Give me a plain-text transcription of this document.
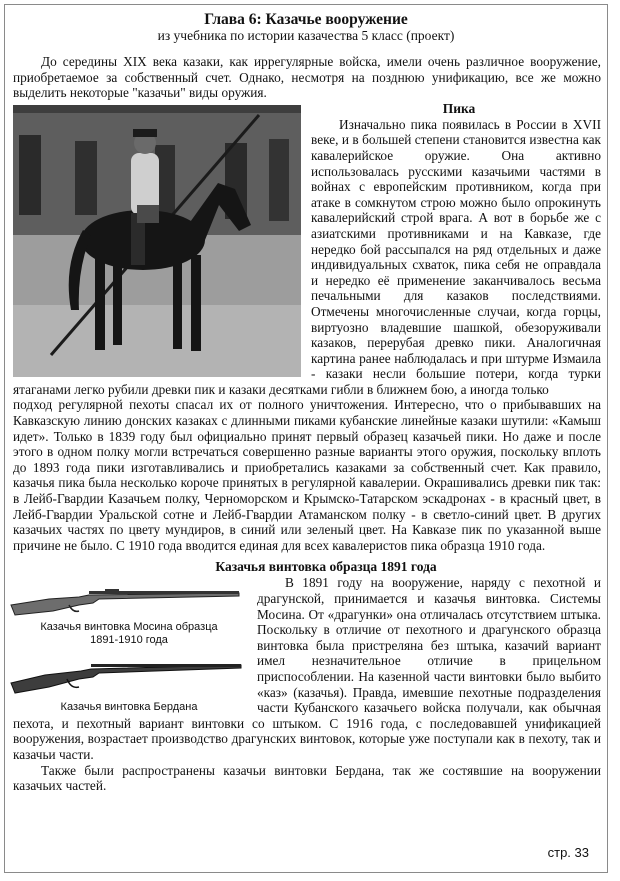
Глава 6: Казачье вооружение
из учебника по истории казачества 5 класс (проект)

До середины XIX века казаки, как иррегулярные войска, имели очень различное вооружение, приобретаемое за собственный счет. Однако, несмотря на позднюю унификацию, все же можно выделить некоторые "казачьи" виды оружия.

Пика

Изначально пика появилась в России в XVII веке, и в большей степени становится известна как кавалерийское оружие. Она активно использовалась русскими казачьими частями в войнах с европейским противником, когда при атаке в сомкнутом строю можно было опрокинуть кавалерийский строй врага. А вот в борьбе же с азиатскими противниками и на Кавказе, где нередко бой рассыпался на ряд отдельных и даже индивидуальных схваток, пика себя не оправдала и нередко её применение заканчивалось весьма печальными для казаков последствиями. Отмечены многочисленные случаи, когда горцы, виртуозно владевшие шашкой, обезоруживали казаков, перерубая древко пики. Аналогичная картина ранее наблюдалась и при штурме Измаила - казаки несли большие потери, когда турки ятаганами легко рубили древки пик и казаки десятками гибли в ближнем бою, а иногда только

подход регулярной пехоты спасал их от полного уничтожения. Интересно, что о прибывавших на Кавказскую линию донских казаках с длинными пиками кубанские линейные казаки шутили: «Камыш идет». Только в 1839 году был официально принят первый образец казачьей пики. Но даже и после этого в одном полку могли встречаться совершенно разные варианты этого оружия, поскольку вплоть до 1893 года пики изготавливались и приобретались казаками за собственный счет. Как правило, казачья пика была несколько короче принятых в регулярной кавалерии. Окрашивались древки пик так: в Лейб-Гвардии Казачьем полку, Черноморском и Крымско-Татарском эскадронах - в красный цвет, в Лейб-Гвардии Уральской сотне и Лейб-Гвардии Атаманском полку - в светло-синий цвет. В других казачьих частях по цвету мундиров, в синий или зеленый цвет. На Кавказе пик по указанной выше причине не было. С 1910 года вводится единая для всех кавалеристов пика образца 1910 года.

Казачья винтовка образца 1891 года
Казачья винтовка Мосина образца
1891-1910 года
Казачья винтовка Бердана

В 1891 году на вооружение, наряду с пехотной и драгунской, принимается и казачья винтовка. Системы Мосина. От «драгунки» она отличалась отсутствием штыка. Поскольку в отличие от пехотного и драгунского образца винтовка была пристреляна без штыка, казачий вариант имел незначительное отличие в прицельном приспособлении. На казенной части винтовки было выбито «каз» (казачья). Правда, имевшие пехотные подразделения части Кубанского казачьего войска получали, как обычная пехота, и пехотный вариант винтовки со штыком. С 1916 года, с последовавшей унификацией вооружения, возрастает производство драгунских винтовок, которые уже поступали как в пехоту, так и казачьи части.

Также были распространены казачьи винтовки Бердана, так же состявшие на вооружении казачьих частей.

стр. 33
